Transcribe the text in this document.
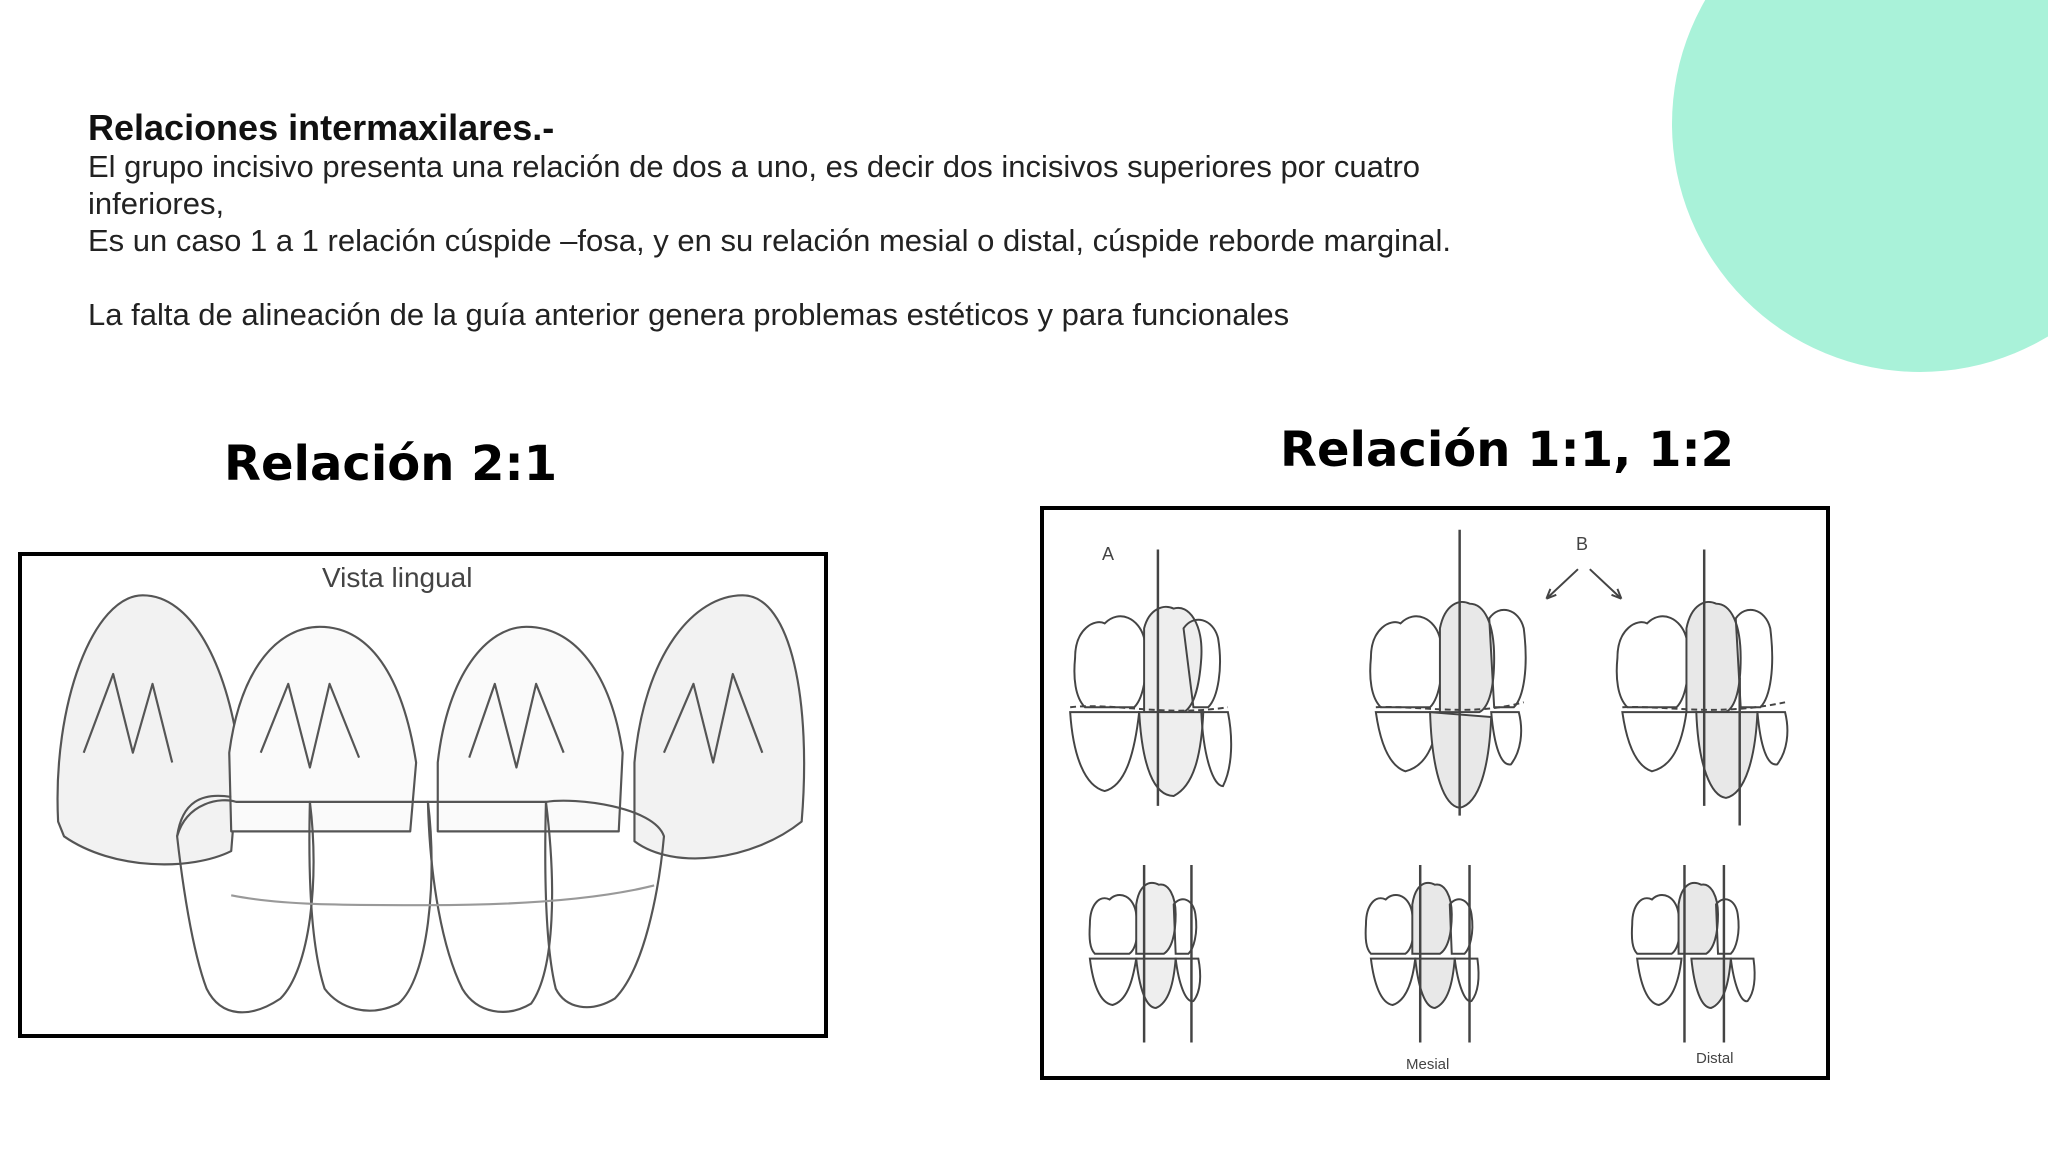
Relaciones intermaxilares.-
El grupo incisivo presenta una relación de dos a uno, es decir dos incisivos superiores por cuatro
inferiores,
Es un caso 1 a 1 relación cúspide –fosa, y en su relación mesial o distal, cúspide reborde marginal.
La falta de alineación de la guía anterior genera problemas estéticos y para funcionales
Relación 2:1	Relación 1:1, 1:2
Vista lingual
A	B
Mesial	Distal
